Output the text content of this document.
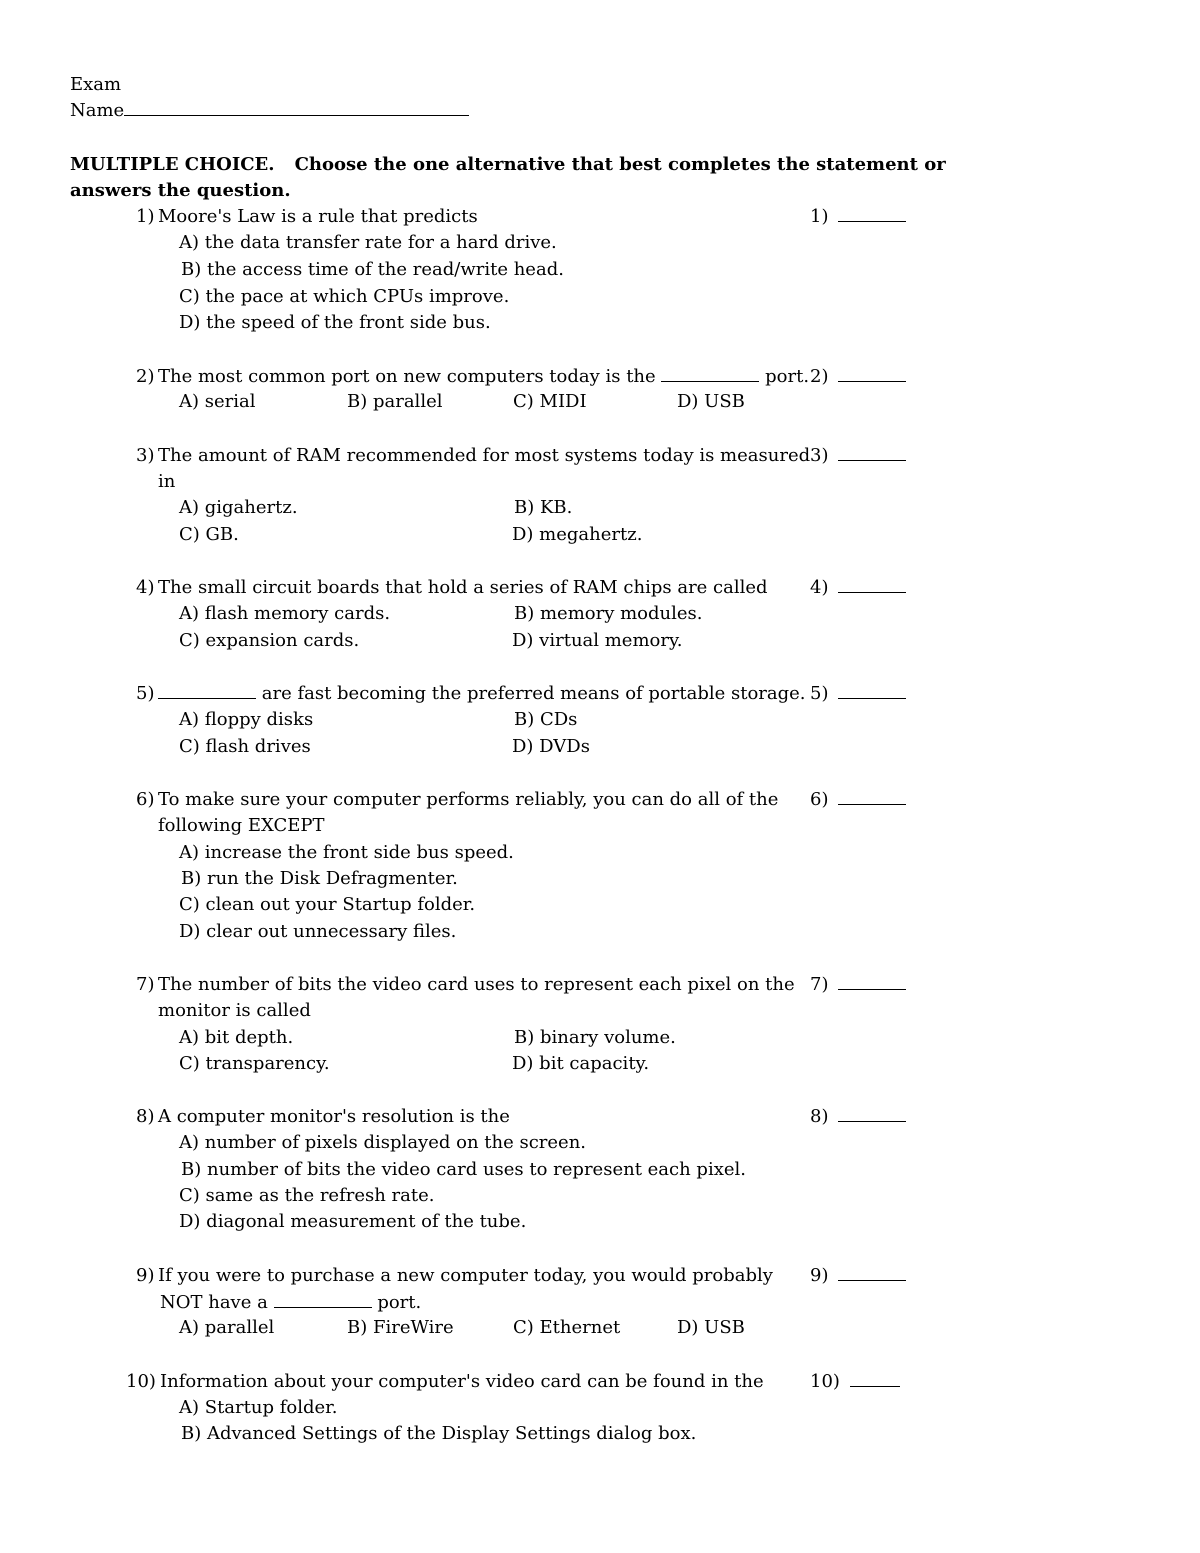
Exam
Name
MULTIPLE CHOICE. Choose the one alternative that best completes the statement or
answers the question.
1) Moore's Law is a rule that predicts	1)
A) the data transfer rate for a hard drive.
B) the access time of the read/write head.
C) the pace at which CPUs improve.
D) the speed of the front side bus.
2) The most common port on new computers today is the	port. 2)
A) serial	B) parallel	C) MIDI	D) USB
3) The amount of RAM recommended for most systems today is measured
in
3)
A) gigahertz.	B) KB.
C) GB.	D) megahertz.
4) The small circuit boards that hold a series of RAM chips are called 4)
A) flash memory cards.	B) memory modules.
C) expansion cards.	D) virtual memory.
5)	are fast becoming the preferred means of portable storage. 5)
A) floppy disks	B) CDs
C) flash drives	D) DVDs
6) To make sure your computer performs reliably, you can do all of the
following EXCEPT
6)
A) increase the front side bus speed.
B) run the Disk Defragmenter.
C) clean out your Startup folder.
D) clear out unnecessary files.
7) The number of bits the video card uses to represent each pixel on the
monitor is called
7)
A) bit depth.	B) binary volume.
C) transparency.	D) bit capacity.
8) A computer monitor's resolution is the	8)
A) number of pixels displayed on the screen.
B) number of bits the video card uses to represent each pixel.
C) same as the refresh rate.
D) diagonal measurement of the tube.
9) If you were to purchase a new computer today, you would probably
NOT have a	port.
9)
A) parallel	B) FireWire	C) Ethernet	D) USB
10) Information about your computer's video card can be found in the	10)
A) Startup folder.
B) Advanced Settings of the Display Settings dialog box.
